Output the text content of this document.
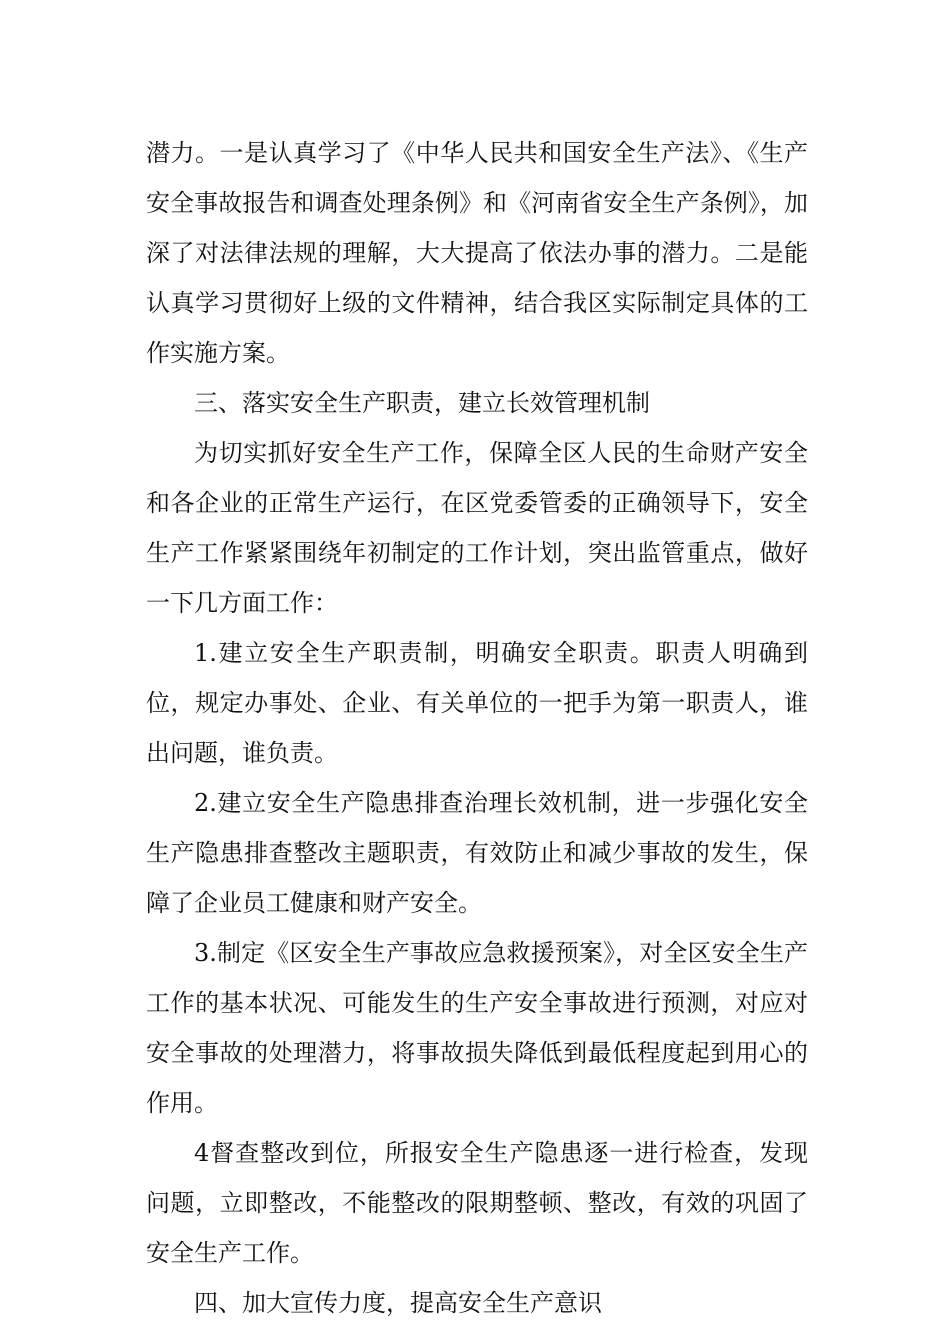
潜力。一是认真学习了《中华人民共和国安全生产法》、《生产安全事故报告和调查处理条例》和《河南省安全生产条例》，加深了对法律法规的理解，大大提高了依法办事的潜力。二是能认真学习贯彻好上级的文件精神，结合我区实际制定具体的工作实施方案。

三、落实安全生产职责，建立长效管理机制

为切实抓好安全生产工作，保障全区人民的生命财产安全和各企业的正常生产运行，在区党委管委的正确领导下，安全生产工作紧紧围绕年初制定的工作计划，突出监管重点，做好一下几方面工作：

1.建立安全生产职责制，明确安全职责。职责人明确到位，规定办事处、企业、有关单位的一把手为第一职责人，谁出问题，谁负责。

2.建立安全生产隐患排查治理长效机制，进一步强化安全生产隐患排查整改主题职责，有效防止和减少事故的发生，保障了企业员工健康和财产安全。

3.制定《区安全生产事故应急救援预案》，对全区安全生产工作的基本状况、可能发生的生产安全事故进行预测，对应对安全事故的处理潜力，将事故损失降低到最低程度起到用心的作用。

4督查整改到位，所报安全生产隐患逐一进行检查，发现问题，立即整改，不能整改的限期整顿、整改，有效的巩固了安全生产工作。

四、加大宣传力度，提高安全生产意识
